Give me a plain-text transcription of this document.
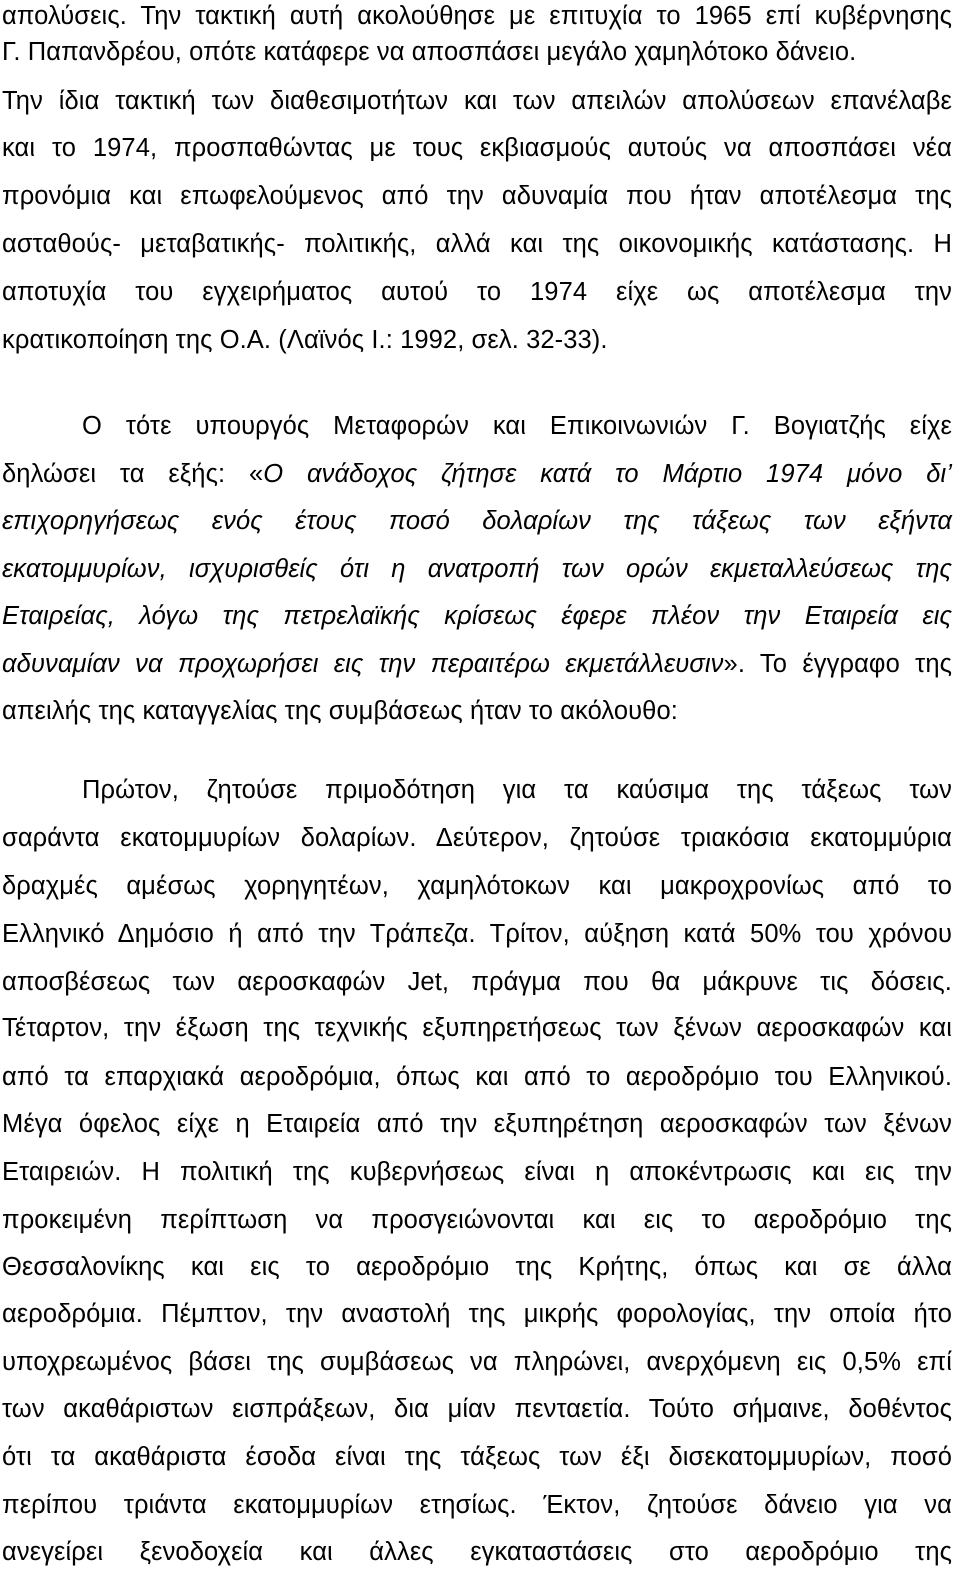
απολύσεις. Την τακτική αυτή ακολούθησε με επιτυχία το 1965 επί κυβέρνησης
Γ. Παπανδρέου, οπότε κατάφερε να αποσπάσει μεγάλο χαμηλότοκο δάνειο.
Την ίδια τακτική των διαθεσιμοτήτων και των απειλών απολύσεων επανέλαβε
και το 1974, προσπαθώντας με τους εκβιασμούς αυτούς να αποσπάσει νέα
προνόμια και επωφελούμενος από την αδυναμία που ήταν αποτέλεσμα της
ασταθούς- μεταβατικής- πολιτικής, αλλά και της οικονομικής κατάστασης. Η
αποτυχία του εγχειρήματος αυτού το 1974 είχε ως αποτέλεσμα την
κρατικοποίηση της Ο.Α. (Λαϊνός Ι.: 1992, σελ. 32-33).
Ο τότε υπουργός Μεταφορών και Επικοινωνιών Γ. Βογιατζής είχε
δηλώσει τα εξής: «Ο ανάδοχος ζήτησε κατά το Μάρτιο 1974 μόνο δι’
επιχορηγήσεως ενός έτους ποσό δολαρίων της τάξεως των εξήντα
εκατομμυρίων, ισχυρισθείς ότι η ανατροπή των ορών εκμεταλλεύσεως της
Εταιρείας, λόγω της πετρελαϊκής κρίσεως έφερε πλέον την Εταιρεία εις
αδυναμίαν να προχωρήσει εις την περαιτέρω εκμετάλλευσιν». Το έγγραφο της
απειλής της καταγγελίας της συμβάσεως ήταν το ακόλουθο:
Πρώτον, ζητούσε πριμοδότηση για τα καύσιμα της τάξεως των
σαράντα εκατομμυρίων δολαρίων. Δεύτερον, ζητούσε τριακόσια εκατομμύρια
δραχμές αμέσως χορηγητέων, χαμηλότοκων και μακροχρονίως από το
Ελληνικό Δημόσιο ή από την Τράπεζα. Τρίτον, αύξηση κατά 50% του χρόνου
αποσβέσεως των αεροσκαφών Jet, πράγμα που θα μάκρυνε τις δόσεις.
Τέταρτον, την έξωση της τεχνικής εξυπηρετήσεως των ξένων αεροσκαφών και
από τα επαρχιακά αεροδρόμια, όπως και από το αεροδρόμιο του Ελληνικού.
Μέγα όφελος είχε η Εταιρεία από την εξυπηρέτηση αεροσκαφών των ξένων
Εταιρειών. Η πολιτική της κυβερνήσεως είναι η αποκέντρωσις και εις την
προκειμένη περίπτωση να προσγειώνονται και εις το αεροδρόμιο της
Θεσσαλονίκης και εις το αεροδρόμιο της Κρήτης, όπως και σε άλλα
αεροδρόμια. Πέμπτον, την αναστολή της μικρής φορολογίας, την οποία ήτο
υποχρεωμένος βάσει της συμβάσεως να πληρώνει, ανερχόμενη εις 0,5% επί
των ακαθάριστων εισπράξεων, δια μίαν πενταετία. Τούτο σήμαινε, δοθέντος
ότι τα ακαθάριστα έσοδα είναι της τάξεως των έξι δισεκατομμυρίων, ποσό
περίπου τριάντα εκατομμυρίων ετησίως. Έκτον, ζητούσε δάνειο για να
ανεγείρει ξενοδοχεία και άλλες εγκαταστάσεις στο αεροδρόμιο της
